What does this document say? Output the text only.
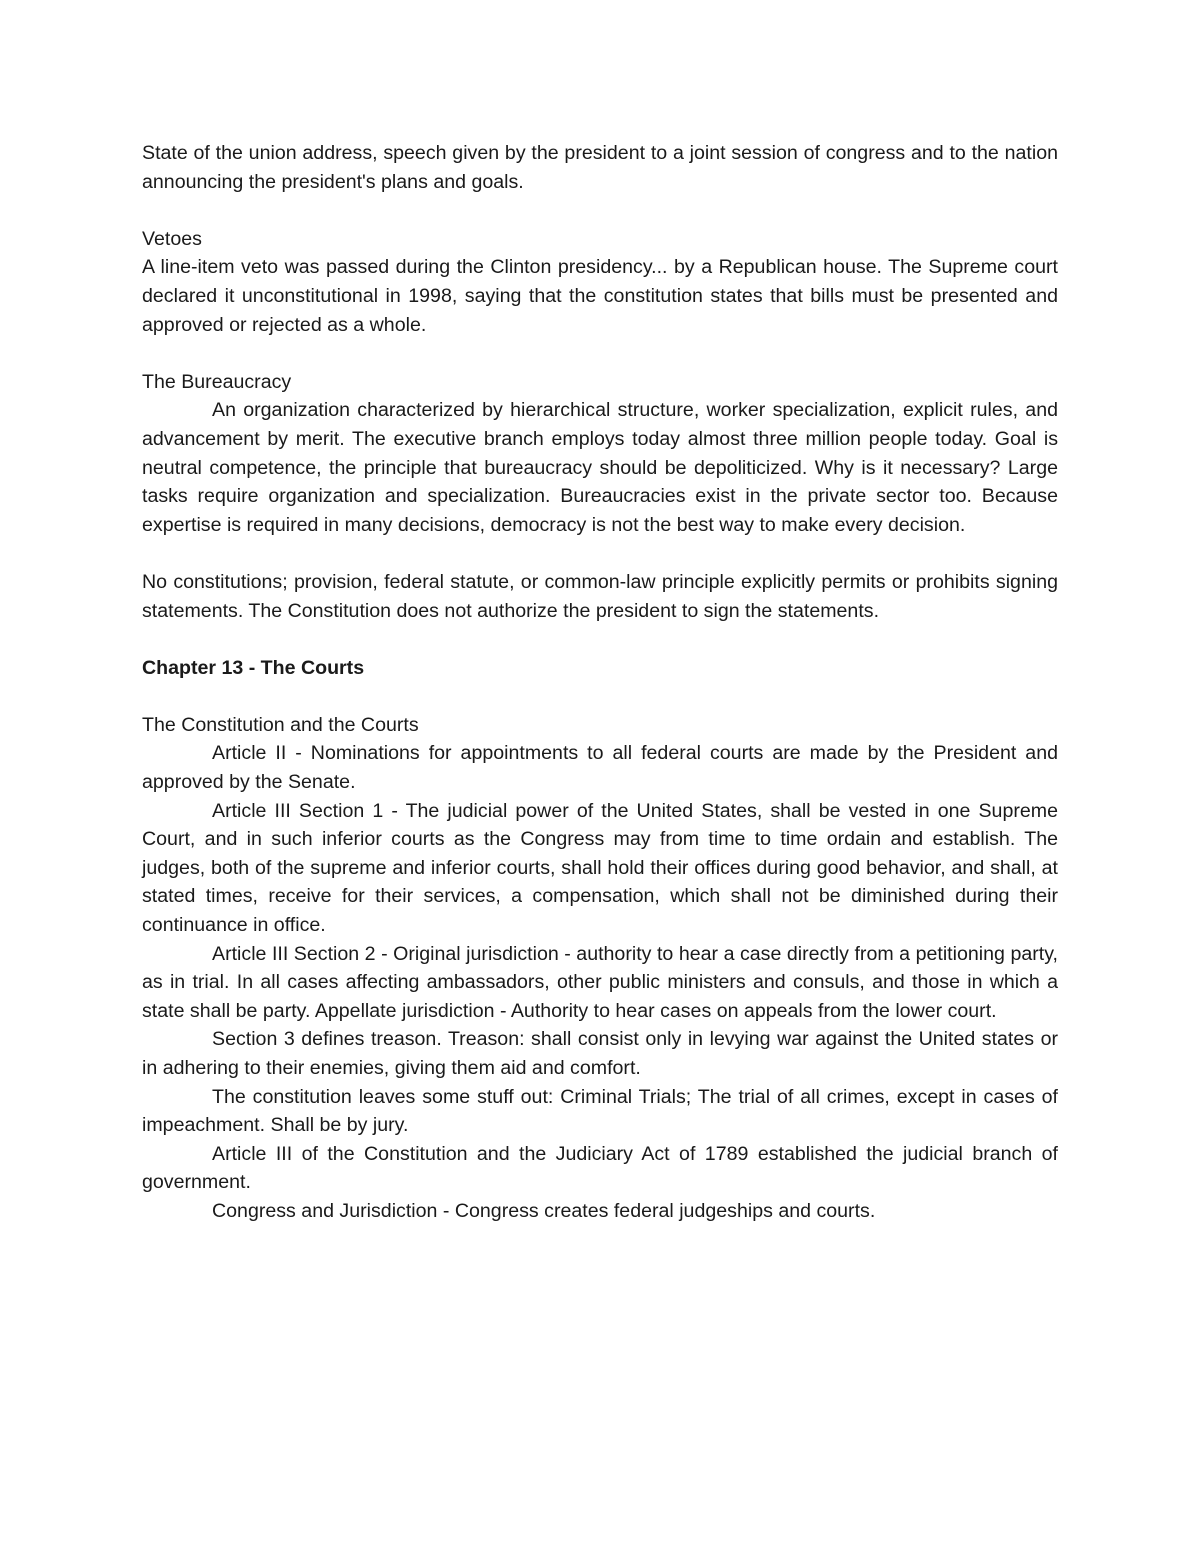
State of the union address, speech given by the president to a joint session of congress and to the nation announcing the president's plans and goals.

Vetoes

A line-item veto was passed during the Clinton presidency... by a Republican house. The Supreme court declared it unconstitutional in 1998, saying that the constitution states that bills must be presented and approved or rejected as a whole.

The Bureaucracy

An organization characterized by hierarchical structure, worker specialization, explicit rules, and advancement by merit. The executive branch employs today almost three million people today. Goal is neutral competence, the principle that bureaucracy should be depoliticized. Why is it necessary? Large tasks require organization and specialization. Bureaucracies exist in the private sector too. Because expertise is required in many decisions, democracy is not the best way to make every decision.

No constitutions; provision, federal statute, or common-law principle explicitly permits or prohibits signing statements. The Constitution does not authorize the president to sign the statements.

Chapter 13 - The Courts

The Constitution and the Courts

Article II - Nominations for appointments to all federal courts are made by the President and approved by the Senate.

Article III Section 1 - The judicial power of the United States, shall be vested in one Supreme Court, and in such inferior courts as the Congress may from time to time ordain and establish. The judges, both of the supreme and inferior courts, shall hold their offices during good behavior, and shall, at stated times, receive for their services, a compensation, which shall not be diminished during their continuance in office.

Article III Section 2 - Original jurisdiction - authority to hear a case directly from a petitioning party, as in trial. In all cases affecting ambassadors, other public ministers and consuls, and those in which a state shall be party. Appellate jurisdiction - Authority to hear cases on appeals from the lower court.

Section 3 defines treason. Treason: shall consist only in levying war against the United states or in adhering to their enemies, giving them aid and comfort.

The constitution leaves some stuff out: Criminal Trials; The trial of all crimes, except in cases of impeachment. Shall be by jury.

Article III of the Constitution and the Judiciary Act of 1789 established the judicial branch of government.

Congress and Jurisdiction - Congress creates federal judgeships and courts.
